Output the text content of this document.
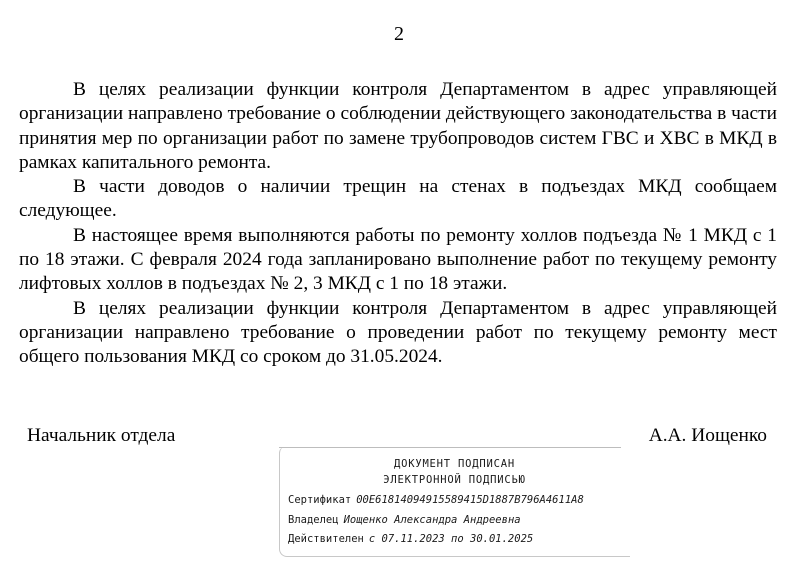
2

В целях реализации функции контроля Департаментом в адрес управляющей организации направлено требование о соблюдении действующего законодательства в части принятия мер по организации работ по замене трубопроводов систем ГВС и ХВС в МКД в рамках капитального ремонта.

В части доводов о наличии трещин на стенах в подъездах МКД сообщаем следующее.

В настоящее время выполняются работы по ремонту холлов подъезда № 1 МКД с 1 по 18 этажи. С февраля 2024 года запланировано выполнение работ по текущему ремонту лифтовых холлов в подъездах № 2, 3 МКД с 1 по 18 этажи.

В целях реализации функции контроля Департаментом в адрес управляющей организации направлено требование о проведении работ по текущему ремонту мест общего пользования МКД со сроком до 31.05.2024.

Начальник отдела	А.А. Иощенко
ДОКУМЕНТ ПОДПИСАН
ЭЛЕКТРОННОЙ ПОДПИСЬЮ
Сертификат 00E61814094915589415D1887B796A4611A8
Владелец Иощенко Александра Андреевна
Действителен с 07.11.2023 по 30.01.2025
